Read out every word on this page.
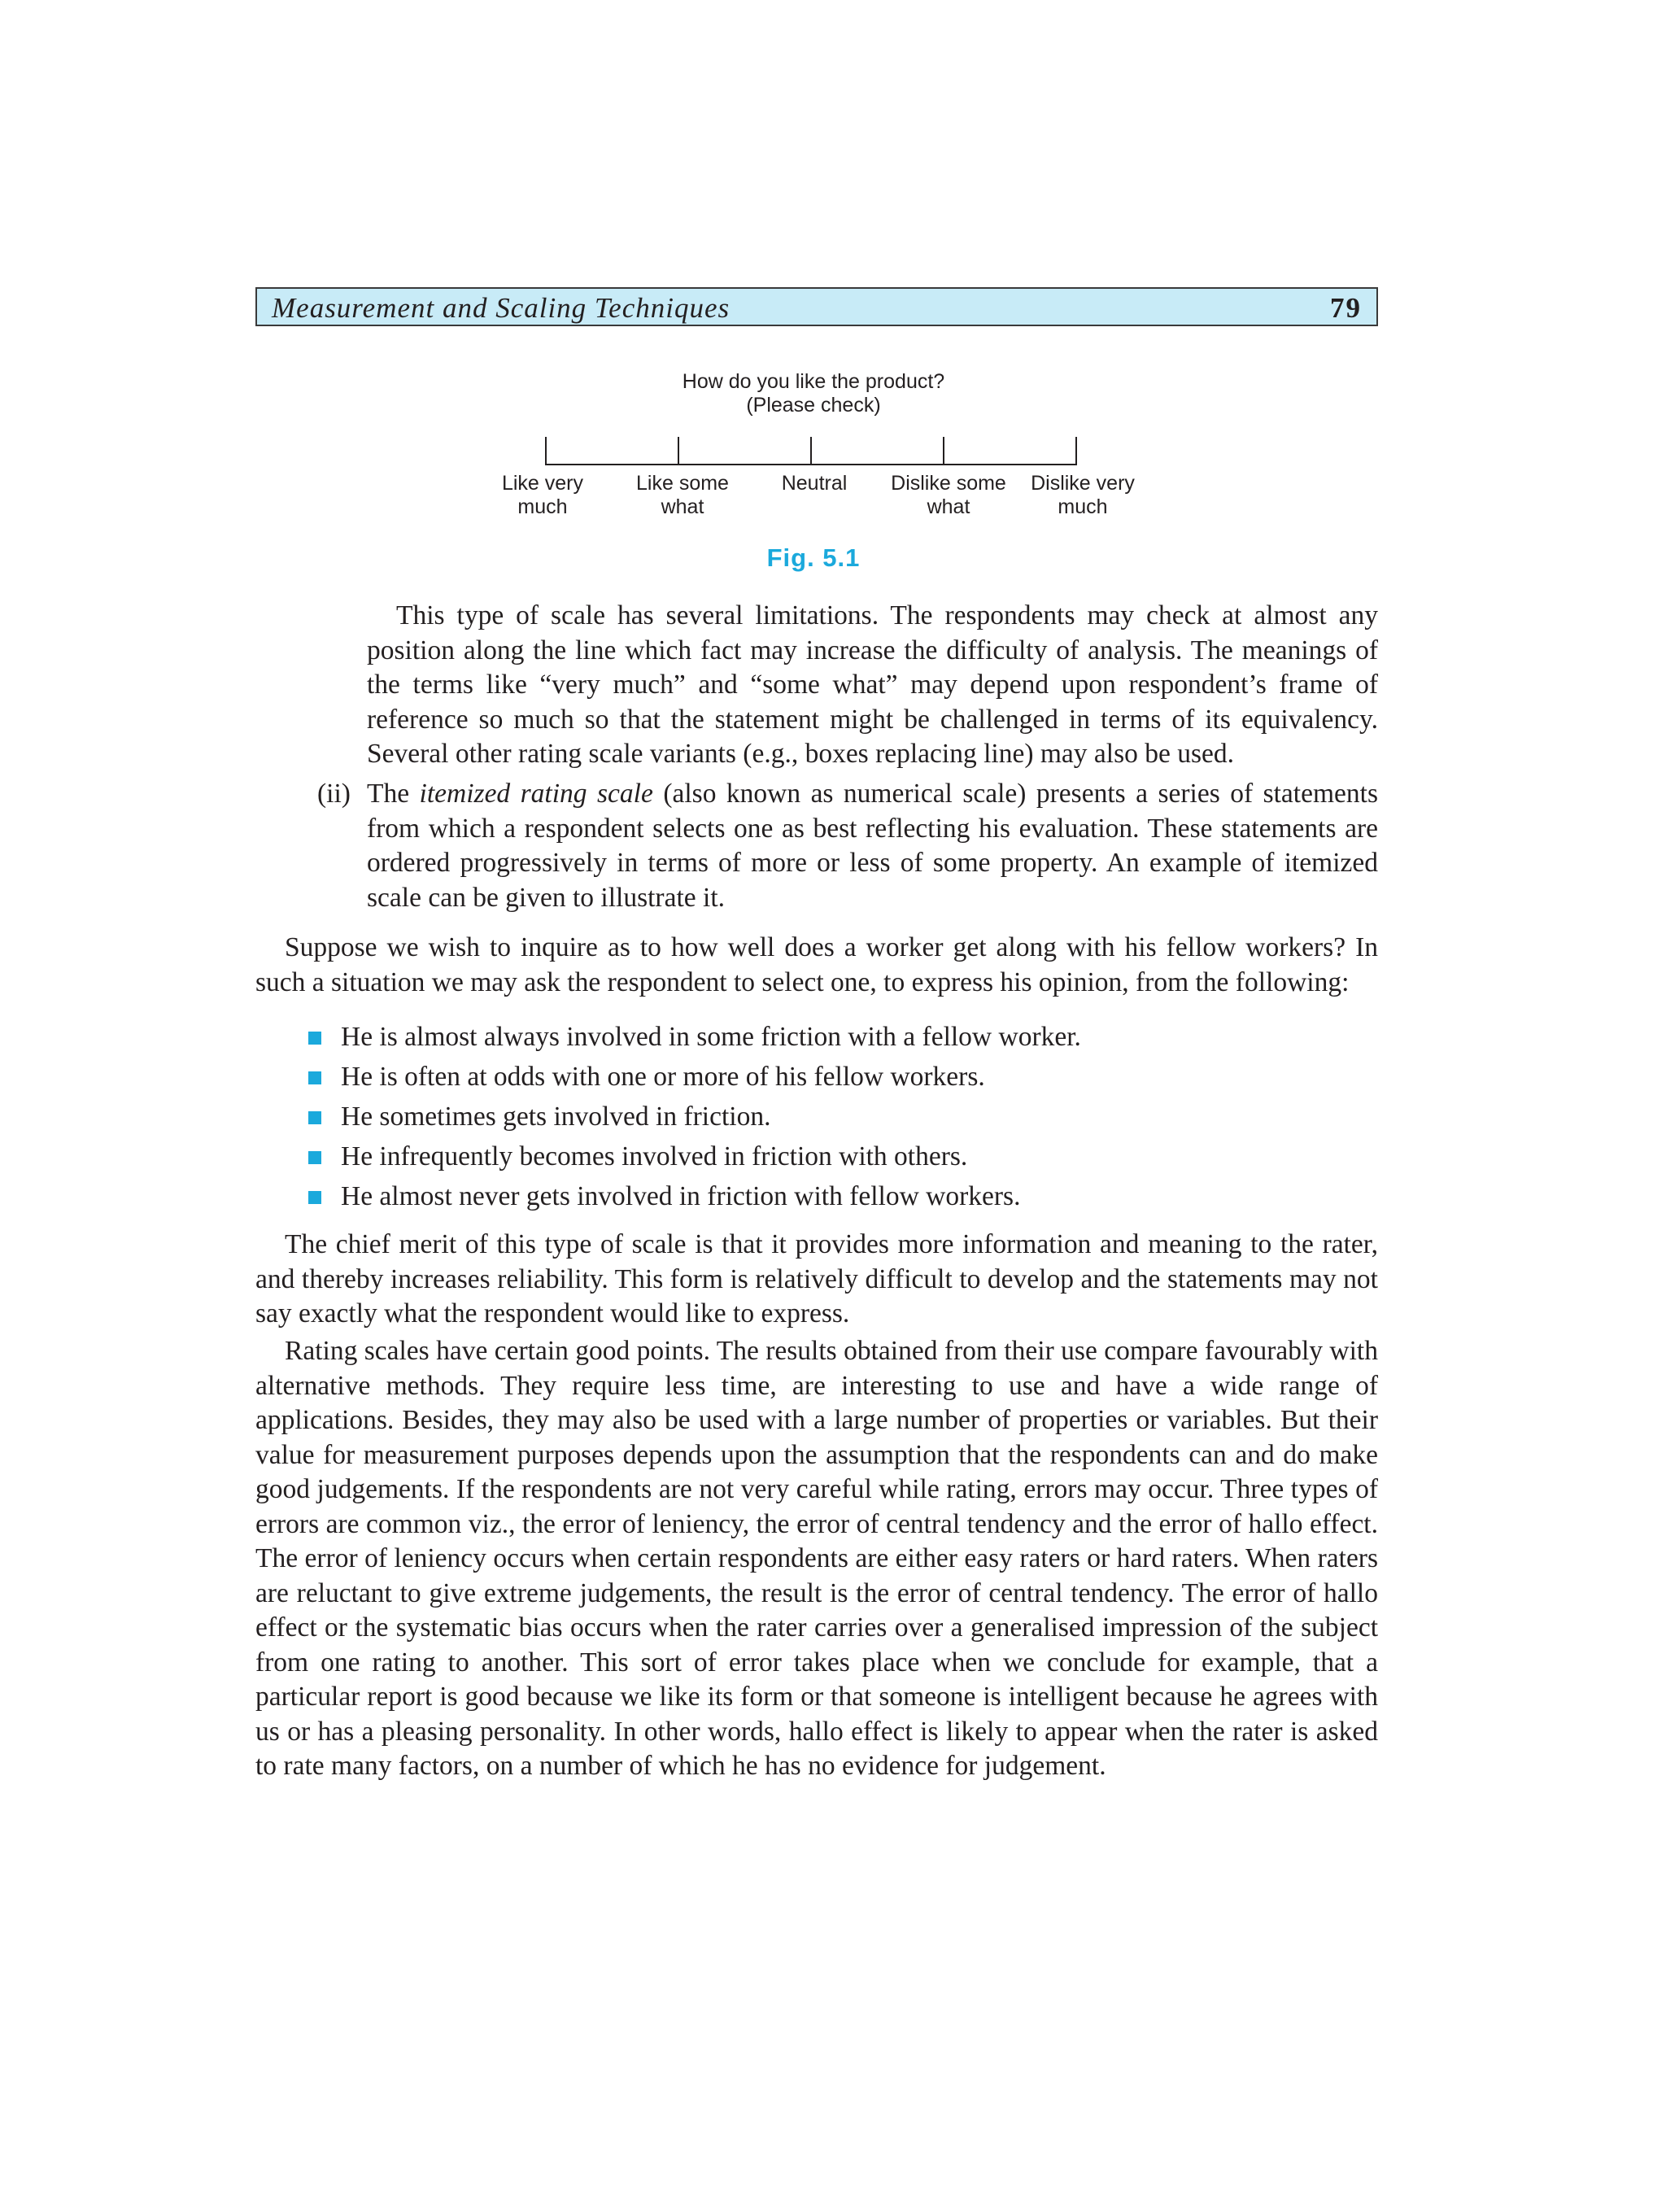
Measurement and Scaling Techniques	79
How do you like the product?
(Please check)
Like very
much
Like some
what
Neutral	Dislike some
what
Dislike very
much
Fig. 5.1

This type of scale has several limitations. The respondents may check at almost any position along the line which fact may increase the difficulty of analysis. The meanings of the terms like “very much” and “some what” may depend upon respondent’s frame of reference so much so that the statement might be challenged in terms of its equivalency. Several other rating scale variants (e.g., boxes replacing line) may also be used.

(ii) The itemized rating scale (also known as numerical scale) presents a series of statements from which a respondent selects one as best reflecting his evaluation. These statements are ordered progressively in terms of more or less of some property. An example of itemized scale can be given to illustrate it.

Suppose we wish to inquire as to how well does a worker get along with his fellow workers? In such a situation we may ask the respondent to select one, to express his opinion, from the following:

He is almost always involved in some friction with a fellow worker.
He is often at odds with one or more of his fellow workers.
He sometimes gets involved in friction.
He infrequently becomes involved in friction with others.
He almost never gets involved in friction with fellow workers.

The chief merit of this type of scale is that it provides more information and meaning to the rater, and thereby increases reliability. This form is relatively difficult to develop and the statements may not say exactly what the respondent would like to express.

Rating scales have certain good points. The results obtained from their use compare favourably with alternative methods. They require less time, are interesting to use and have a wide range of applications. Besides, they may also be used with a large number of properties or variables. But their value for measurement purposes depends upon the assumption that the respondents can and do make good judgements. If the respondents are not very careful while rating, errors may occur. Three types of errors are common viz., the error of leniency, the error of central tendency and the error of hallo effect. The error of leniency occurs when certain respondents are either easy raters or hard raters. When raters are reluctant to give extreme judgements, the result is the error of central tendency. The error of hallo effect or the systematic bias occurs when the rater carries over a generalised impression of the subject from one rating to another. This sort of error takes place when we conclude for example, that a particular report is good because we like its form or that someone is intelligent because he agrees with us or has a pleasing personality. In other words, hallo effect is likely to appear when the rater is asked to rate many factors, on a number of which he has no evidence for judgement.
